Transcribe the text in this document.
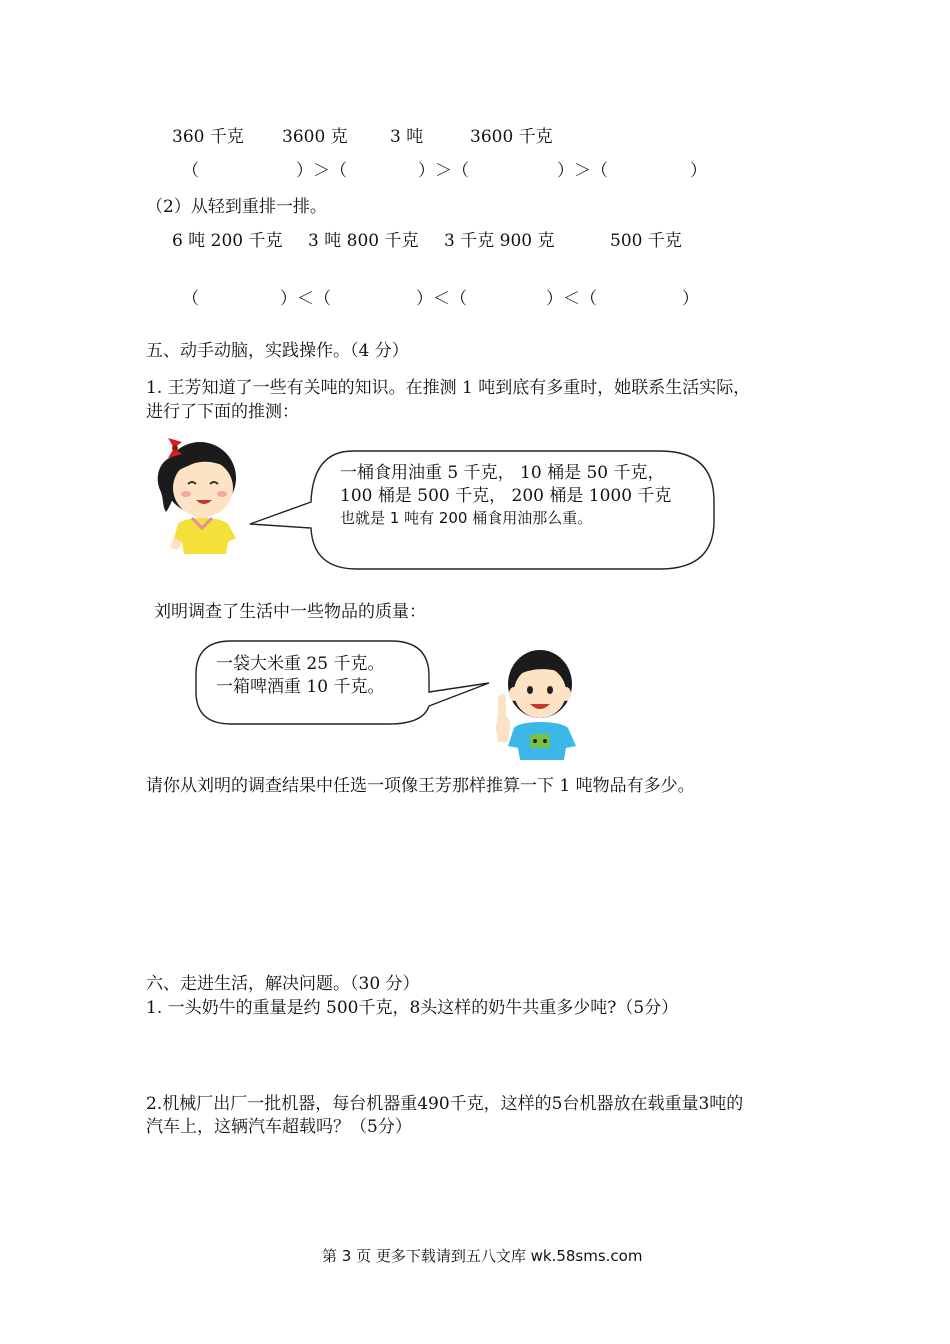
360 千克 3600 克 3 吨	3600 千克
（	）＞（	）＞（	）＞（	）
（2）从轻到重排一排。
6 吨 200 千克 3 吨 800 千克 3 千克 900 克	500 千克
（	）＜（	）＜（	）＜（	）
五、动手动脑，实践操作。（4 分）
1. 王芳知道了一些有关吨的知识。在推测 1 吨到底有多重时，她联系生活实际，
进行了下面的推测：
一桶食用油重 5 千克， 10 桶是 50 千克，
100 桶是 500 千克， 200 桶是 1000 千克
也就是 1 吨有 200 桶食用油那么重。
刘明调查了生活中一些物品的质量：
一袋大米重 25 千克。
一箱啤酒重 10 千克。
请你从刘明的调查结果中任选一项像王芳那样推算一下 1 吨物品有多少。
六、走进生活，解决问题。（30 分）
1. 一头奶牛的重量是约 500千克，8头这样的奶牛共重多少吨?（5分）
2.机械厂出厂一批机器，每台机器重490千克，这样的5台机器放在载重量3吨的
汽车上，这辆汽车超载吗？（5分）
第 3 页 更多下载请到五八文库 wk.58sms.com
